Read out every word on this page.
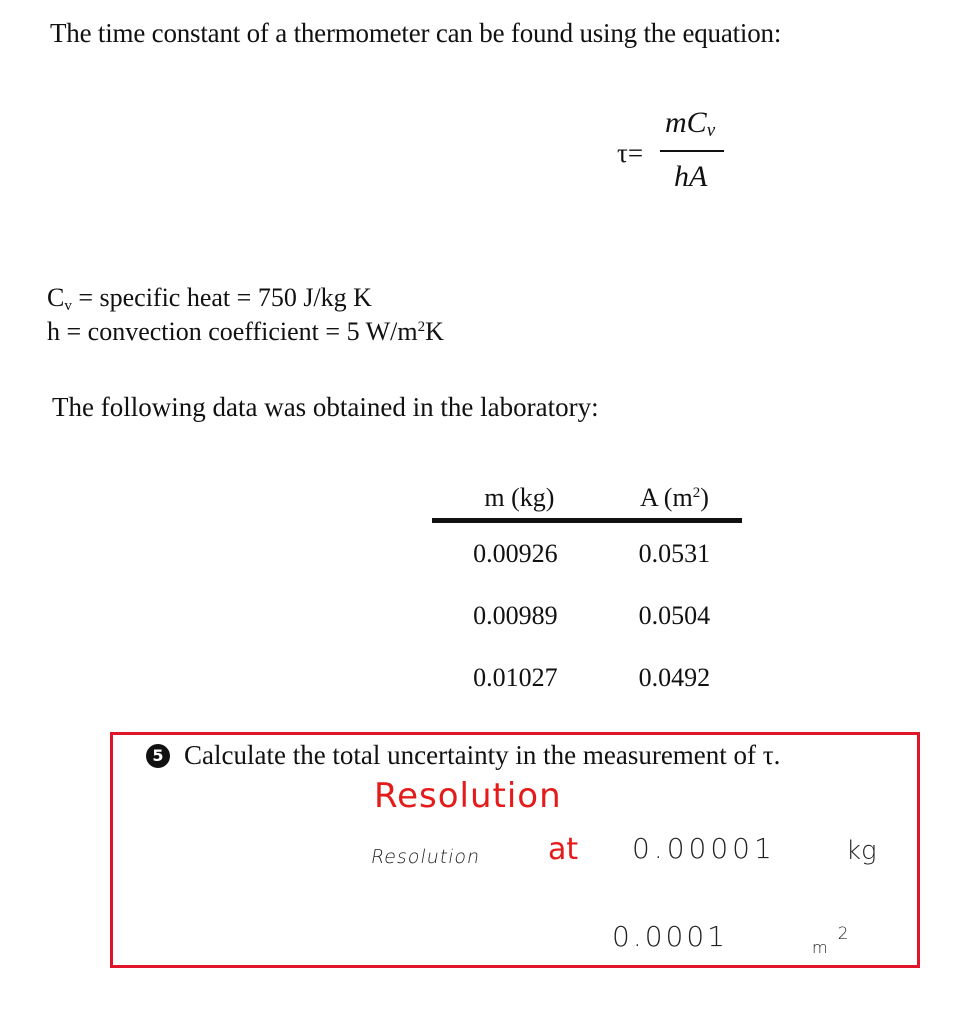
The time constant of a thermometer can be found using the equation:
τ=
$mC_v$
hA
$C_v$ = specific heat = 750 J/kg K
h = convection coefficient = 5 $W/m^2K$
The following data was obtained in the laboratory:
m (kg)	A $(m^2)$
0.00926	0.0531
0.00989	0.0504
0.01027	0.0492
5 Calculate the total uncertainty in the measurement of τ.
Resolution
Resolution at 0.00001	kg
0.0001	$m^2$
